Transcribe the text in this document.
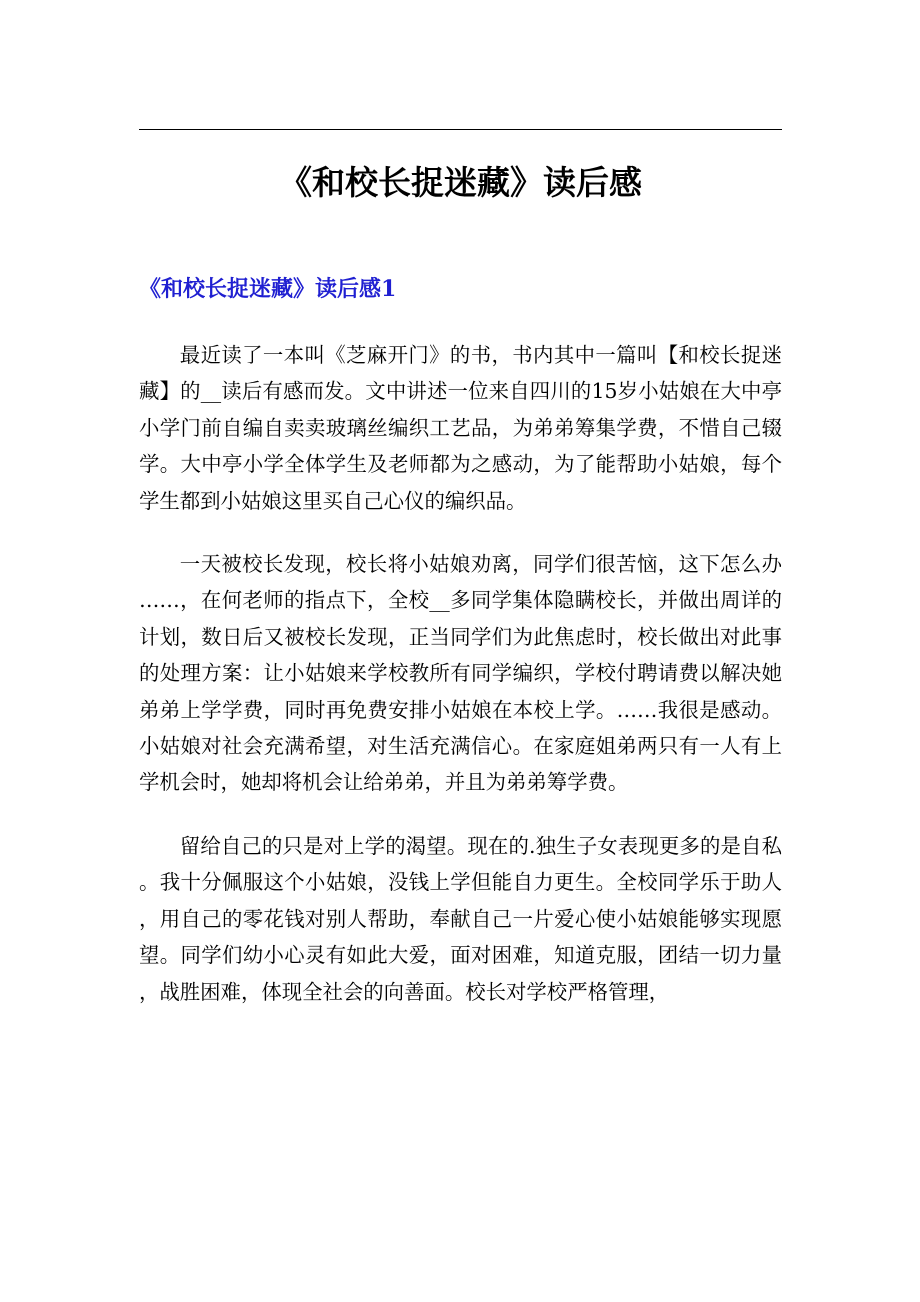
《和校长捉迷藏》读后感
《和校长捉迷藏》读后感1

最近读了一本叫《芝麻开门》的书，书内其中一篇叫【和校长捉迷藏】的__读后有感而发。文中讲述一位来自四川的15岁小姑娘在大中亭小学门前自编自卖卖玻璃丝编织工艺品，为弟弟筹集学费，不惜自己辍学。大中亭小学全体学生及老师都为之感动，为了能帮助小姑娘，每个学生都到小姑娘这里买自己心仪的编织品。

一天被校长发现，校长将小姑娘劝离，同学们很苦恼，这下怎么办……，在何老师的指点下，全校__多同学集体隐瞒校长，并做出周详的计划，数日后又被校长发现，正当同学们为此焦虑时，校长做出对此事的处理方案：让小姑娘来学校教所有同学编织，学校付聘请费以解决她弟弟上学学费，同时再免费安排小姑娘在本校上学。……我很是感动。小姑娘对社会充满希望，对生活充满信心。在家庭姐弟两只有一人有上学机会时，她却将机会让给弟弟，并且为弟弟筹学费。

留给自己的只是对上学的渴望。现在的.独生子女表现更多的是自私。我十分佩服这个小姑娘，没钱上学但能自力更生。全校同学乐于助人，用自己的零花钱对别人帮助，奉献自己一片爱心使小姑娘能够实现愿望。同学们幼小心灵有如此大爱，面对困难，知道克服，团结一切力量，战胜困难，体现全社会的向善面。校长对学校严格管理，
